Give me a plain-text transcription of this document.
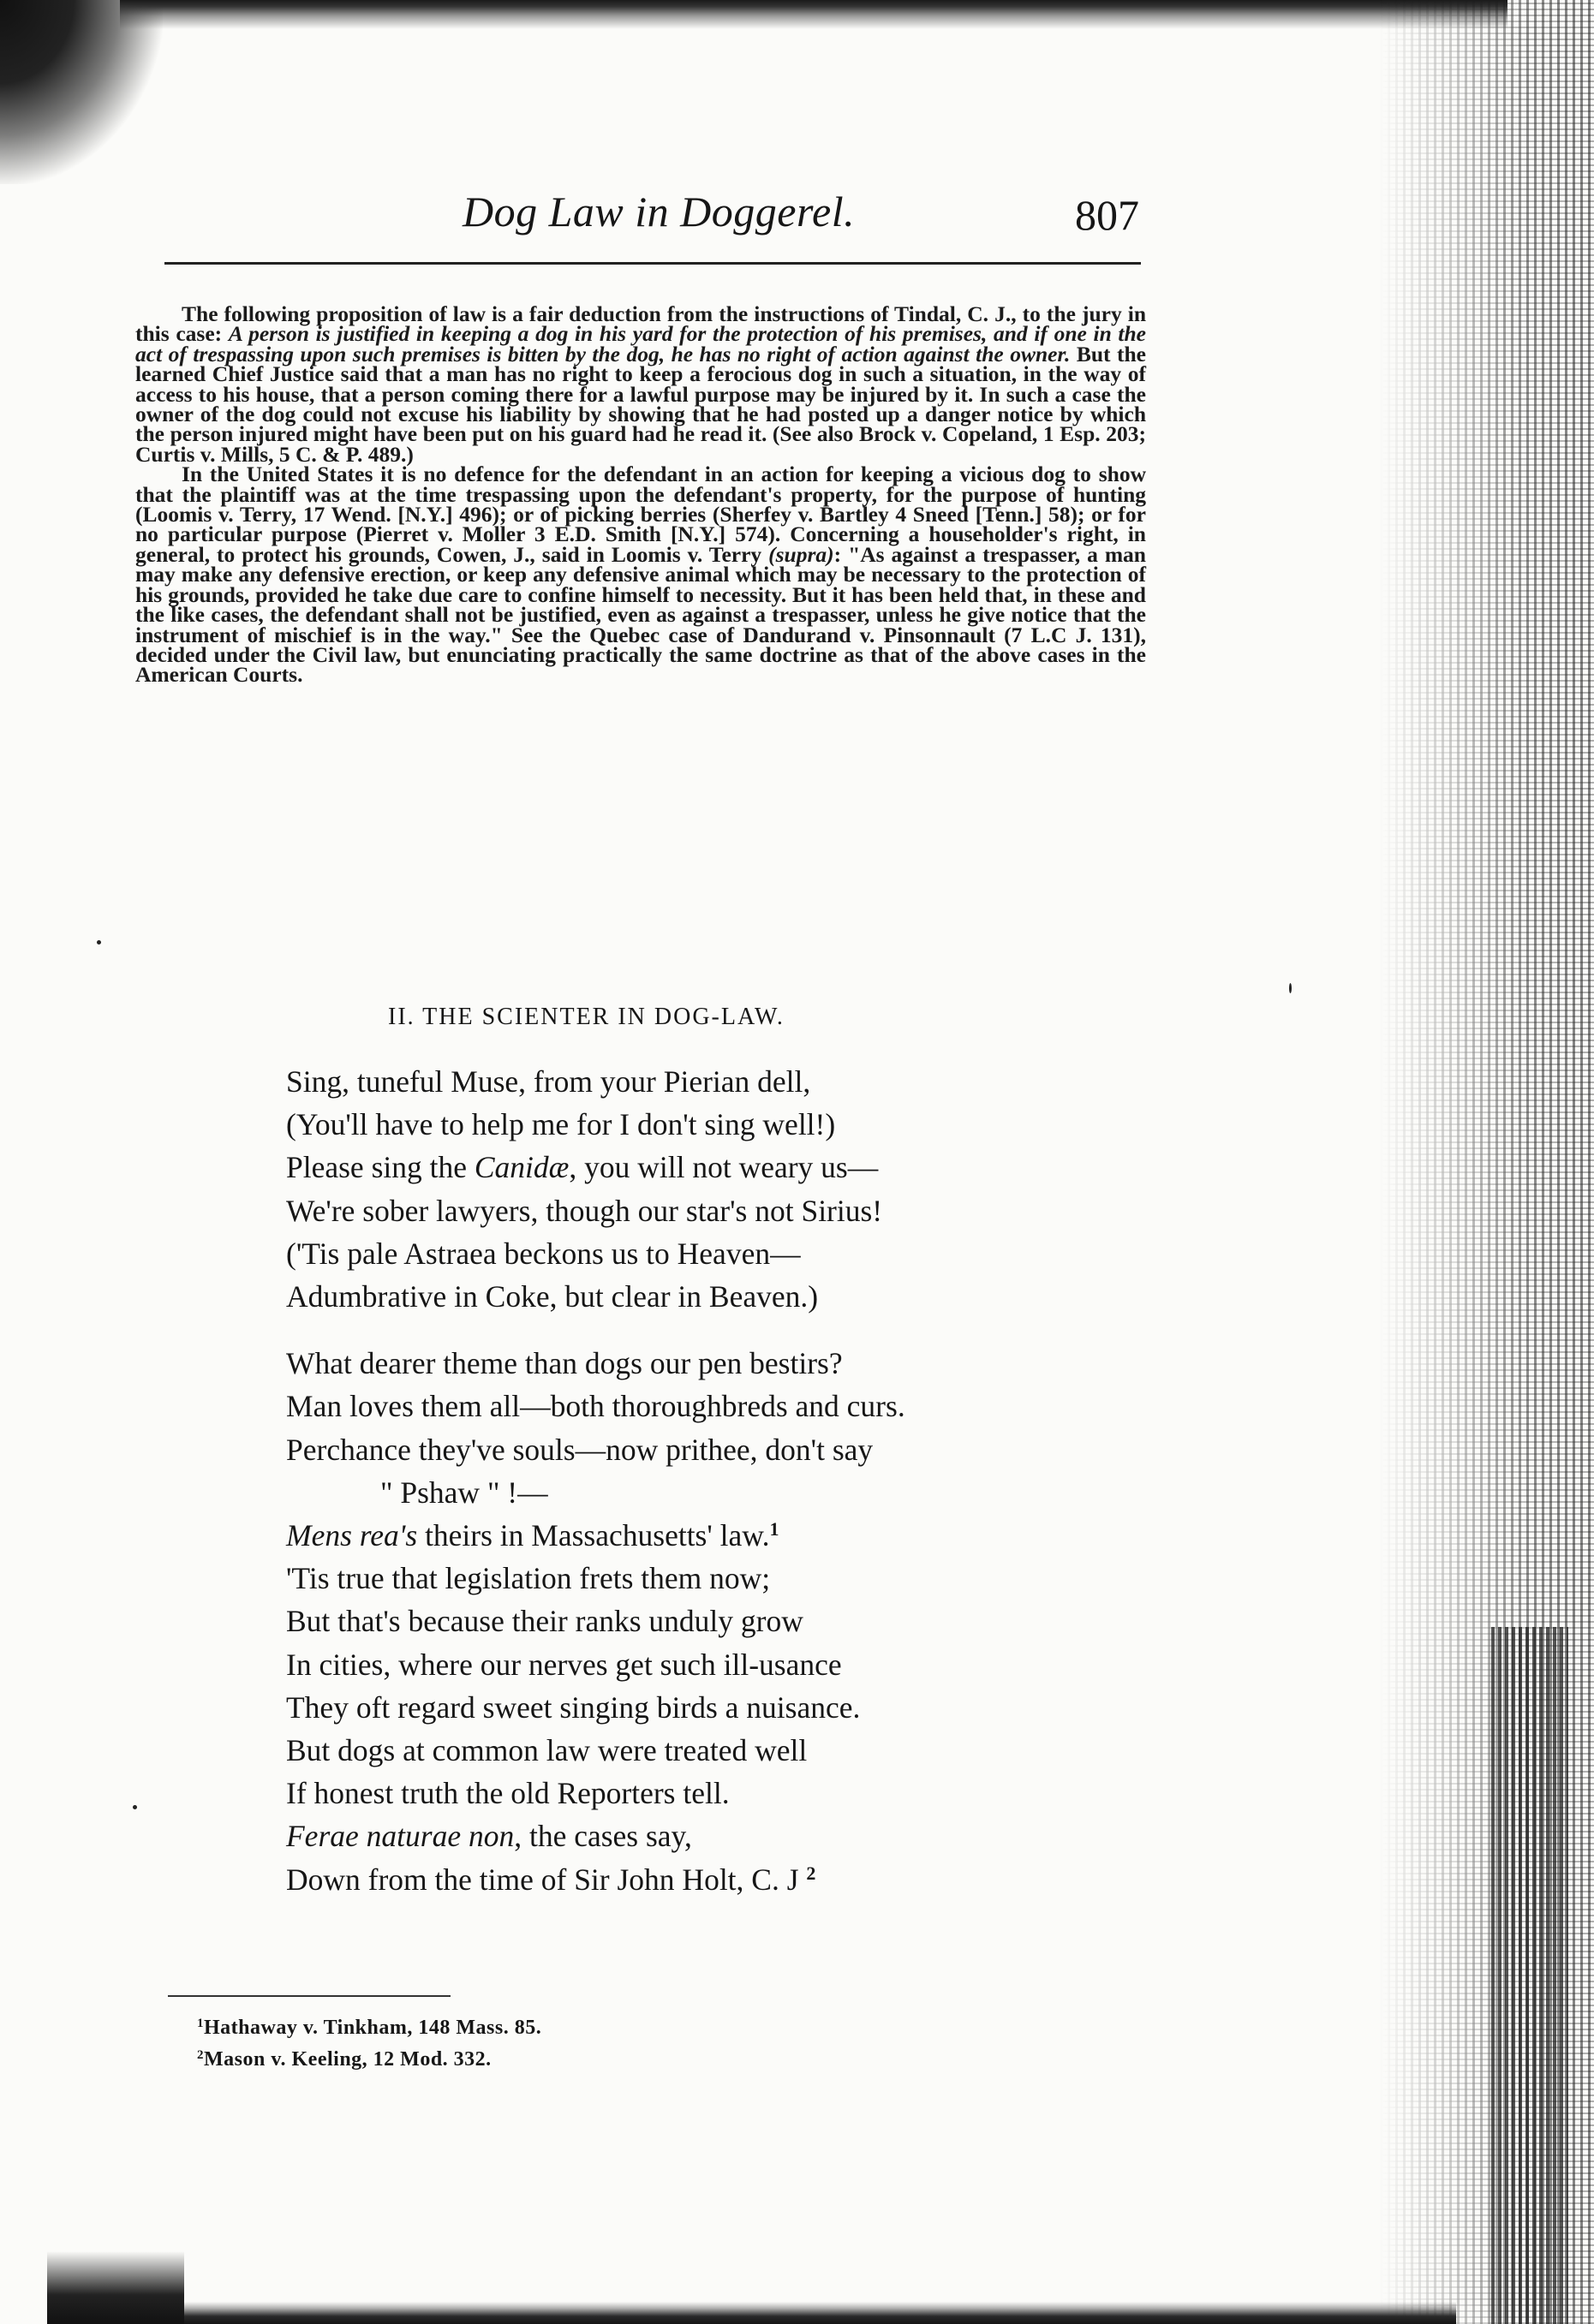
Dog Law in Doggerel.	807

The following proposition of law is a fair deduction from the instructions of Tindal, C. J., to the jury in this case: A person is justified in keeping a dog in his yard for the protection of his premises, and if one in the act of trespassing upon such premises is bitten by the dog, he has no right of action against the owner. But the learned Chief Justice said that a man has no right to keep a ferocious dog in such a situation, in the way of access to his house, that a person coming there for a lawful purpose may be injured by it. In such a case the owner of the dog could not excuse his liability by showing that he had posted up a danger notice by which the person injured might have been put on his guard had he read it. (See also Brock v. Copeland, 1 Esp. 203; Curtis v. Mills, 5 C. & P. 489.)

In the United States it is no defence for the defendant in an action for keeping a vicious dog to show that the plaintiff was at the time trespassing upon the defendant's property, for the purpose of hunting (Loomis v. Terry, 17 Wend. [N.Y.] 496); or of picking berries (Sherfey v. Bartley 4 Sneed [Tenn.] 58); or for no particular purpose (Pierret v. Moller 3 E.D. Smith [N.Y.] 574). Concerning a householder's right, in general, to protect his grounds, Cowen, J., said in Loomis v. Terry (supra): "As against a trespasser, a man may make any defensive erection, or keep any defensive animal which may be necessary to the protection of his grounds, provided he take due care to confine himself to necessity. But it has been held that, in these and the like cases, the defendant shall not be justified, even as against a trespasser, unless he give notice that the instrument of mischief is in the way." See the Quebec case of Dandurand v. Pinsonnault (7 L.C J. 131), decided under the Civil law, but enunciating practically the same doctrine as that of the above cases in the American Courts.

II. THE SCIENTER IN DOG-LAW.
Sing, tuneful Muse, from your Pierian dell,
(You'll have to help me for I don't sing well!)
Please sing the Canidæ, you will not weary us—
We're sober lawyers, though our star's not Sirius!
('Tis pale Astraea beckons us to Heaven—
Adumbrative in Coke, but clear in Beaven.)
What dearer theme than dogs our pen bestirs?
Man loves them all—both thoroughbreds and curs.
Perchance they've souls—now prithee, don't say
" Pshaw " !—
Mens rea's theirs in Massachusetts' law.$^1$
'Tis true that legislation frets them now;
But that's because their ranks unduly grow
In cities, where our nerves get such ill-usance
They oft regard sweet singing birds a nuisance.
But dogs at common law were treated well
If honest truth the old Reporters tell.
Ferae naturae non, the cases say,
Down from the time of Sir John Holt, C. J $^2$
$^1$Hathaway v. Tinkham, 148 Mass. 85.
$^2$Mason v. Keeling, 12 Mod. 332.
